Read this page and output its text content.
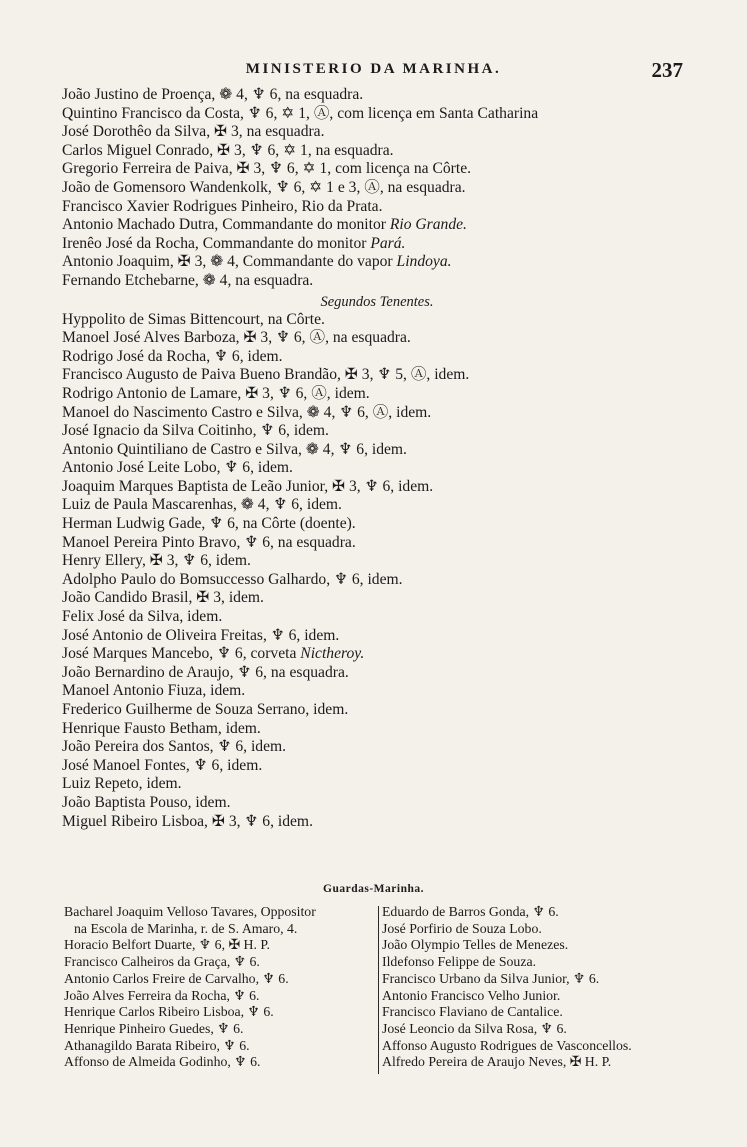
MINISTERIO DA MARINHA.	237
João Justino de Proença, ❁ 4, ♆ 6, na esquadra.
Quintino Francisco da Costa, ♆ 6, ✡ 1, Ⓐ, com licença em Santa Catharina
José Dorothêo da Silva, ✠ 3, na esquadra.
Carlos Miguel Conrado, ✠ 3, ♆ 6, ✡ 1, na esquadra.
Gregorio Ferreira de Paiva, ✠ 3, ♆ 6, ✡ 1, com licença na Côrte.
João de Gomensoro Wandenkolk, ♆ 6, ✡ 1 e 3, Ⓐ, na esquadra.
Francisco Xavier Rodrigues Pinheiro, Rio da Prata.
Antonio Machado Dutra, Commandante do monitor Rio Grande.
Irenêo José da Rocha, Commandante do monitor Pará.
Antonio Joaquim, ✠ 3, ❁ 4, Commandante do vapor Lindoya.
Fernando Etchebarne, ❁ 4, na esquadra.
Segundos Tenentes.
Hyppolito de Simas Bittencourt, na Côrte.
Manoel José Alves Barboza, ✠ 3, ♆ 6, Ⓐ, na esquadra.
Rodrigo José da Rocha, ♆ 6, idem.
Francisco Augusto de Paiva Bueno Brandão, ✠ 3, ♆ 5, Ⓐ, idem.
Rodrigo Antonio de Lamare, ✠ 3, ♆ 6, Ⓐ, idem.
Manoel do Nascimento Castro e Silva, ❁ 4, ♆ 6, Ⓐ, idem.
José Ignacio da Silva Coitinho, ♆ 6, idem.
Antonio Quintiliano de Castro e Silva, ❁ 4, ♆ 6, idem.
Antonio José Leite Lobo, ♆ 6, idem.
Joaquim Marques Baptista de Leão Junior, ✠ 3, ♆ 6, idem.
Luiz de Paula Mascarenhas, ❁ 4, ♆ 6, idem.
Herman Ludwig Gade, ♆ 6, na Côrte (doente).
Manoel Pereira Pinto Bravo, ♆ 6, na esquadra.
Henry Ellery, ✠ 3, ♆ 6, idem.
Adolpho Paulo do Bomsuccesso Galhardo, ♆ 6, idem.
João Candido Brasil, ✠ 3, idem.
Felix José da Silva, idem.
José Antonio de Oliveira Freitas, ♆ 6, idem.
José Marques Mancebo, ♆ 6, corveta Nictheroy.
João Bernardino de Araujo, ♆ 6, na esquadra.
Manoel Antonio Fiuza, idem.
Frederico Guilherme de Souza Serrano, idem.
Henrique Fausto Betham, idem.
João Pereira dos Santos, ♆ 6, idem.
José Manoel Fontes, ♆ 6, idem.
Luiz Repeto, idem.
João Baptista Pouso, idem.
Miguel Ribeiro Lisboa, ✠ 3, ♆ 6, idem.
Guardas-Marinha.
Bacharel Joaquim Velloso Tavares, Oppositor
na Escola de Marinha, r. de S. Amaro, 4.
Horacio Belfort Duarte, ♆ 6, ✠ H. P.
Francisco Calheiros da Graça, ♆ 6.
Antonio Carlos Freire de Carvalho, ♆ 6.
João Alves Ferreira da Rocha, ♆ 6.
Henrique Carlos Ribeiro Lisboa, ♆ 6.
Henrique Pinheiro Guedes, ♆ 6.
Athanagildo Barata Ribeiro, ♆ 6.
Affonso de Almeida Godinho, ♆ 6.
Eduardo de Barros Gonda, ♆ 6.
José Porfirio de Souza Lobo.
João Olympio Telles de Menezes.
Ildefonso Felippe de Souza.
Francisco Urbano da Silva Junior, ♆ 6.
Antonio Francisco Velho Junior.
Francisco Flaviano de Cantalice.
José Leoncio da Silva Rosa, ♆ 6.
Affonso Augusto Rodrigues de Vasconcellos.
Alfredo Pereira de Araujo Neves, ✠ H. P.
